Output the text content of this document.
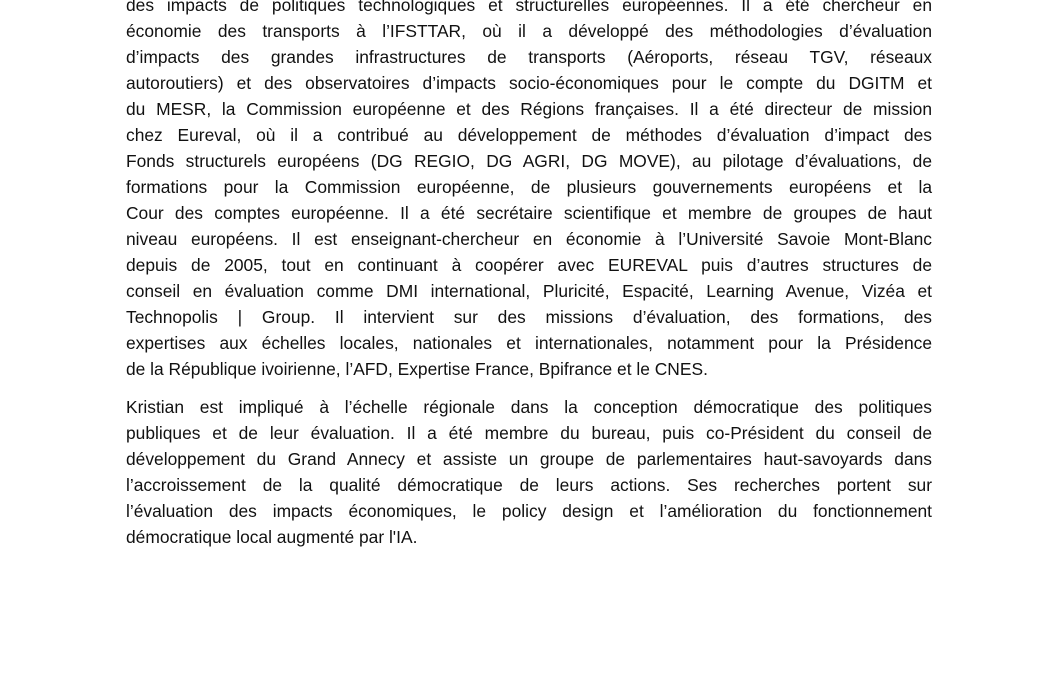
des impacts de politiques technologiques et structurelles européennes. Il a été chercheur en
économie des transports à l’IFSTTAR, où il a développé des méthodologies d’évaluation
d’impacts des grandes infrastructures de transports (Aéroports, réseau TGV, réseaux
autoroutiers) et des observatoires d’impacts socio-économiques pour le compte du DGITM et
du MESR, la Commission européenne et des Régions françaises. Il a été directeur de mission
chez Eureval, où il a contribué au développement de méthodes d’évaluation d’impact des
Fonds structurels européens (DG REGIO, DG AGRI, DG MOVE), au pilotage d’évaluations, de
formations pour la Commission européenne, de plusieurs gouvernements européens et la
Cour des comptes européenne. Il a été secrétaire scientifique et membre de groupes de haut
niveau européens. Il est enseignant-chercheur en économie à l’Université Savoie Mont-Blanc
depuis de 2005, tout en continuant à coopérer avec EUREVAL puis d’autres structures de
conseil en évaluation comme DMI international, Pluricité, Espacité, Learning Avenue, Vizéa et
Technopolis | Group. Il intervient sur des missions d’évaluation, des formations, des
expertises aux échelles locales, nationales et internationales, notamment pour la Présidence
de la République ivoirienne, l’AFD, Expertise France, Bpifrance et le CNES.
Kristian est impliqué à l’échelle régionale dans la conception démocratique des politiques
publiques et de leur évaluation. Il a été membre du bureau, puis co-Président du conseil de
développement du Grand Annecy et assiste un groupe de parlementaires haut-savoyards dans
l’accroissement de la qualité démocratique de leurs actions. Ses recherches portent sur
l’évaluation des impacts économiques, le policy design et l’amélioration du fonctionnement
démocratique local augmenté par l'IA.
